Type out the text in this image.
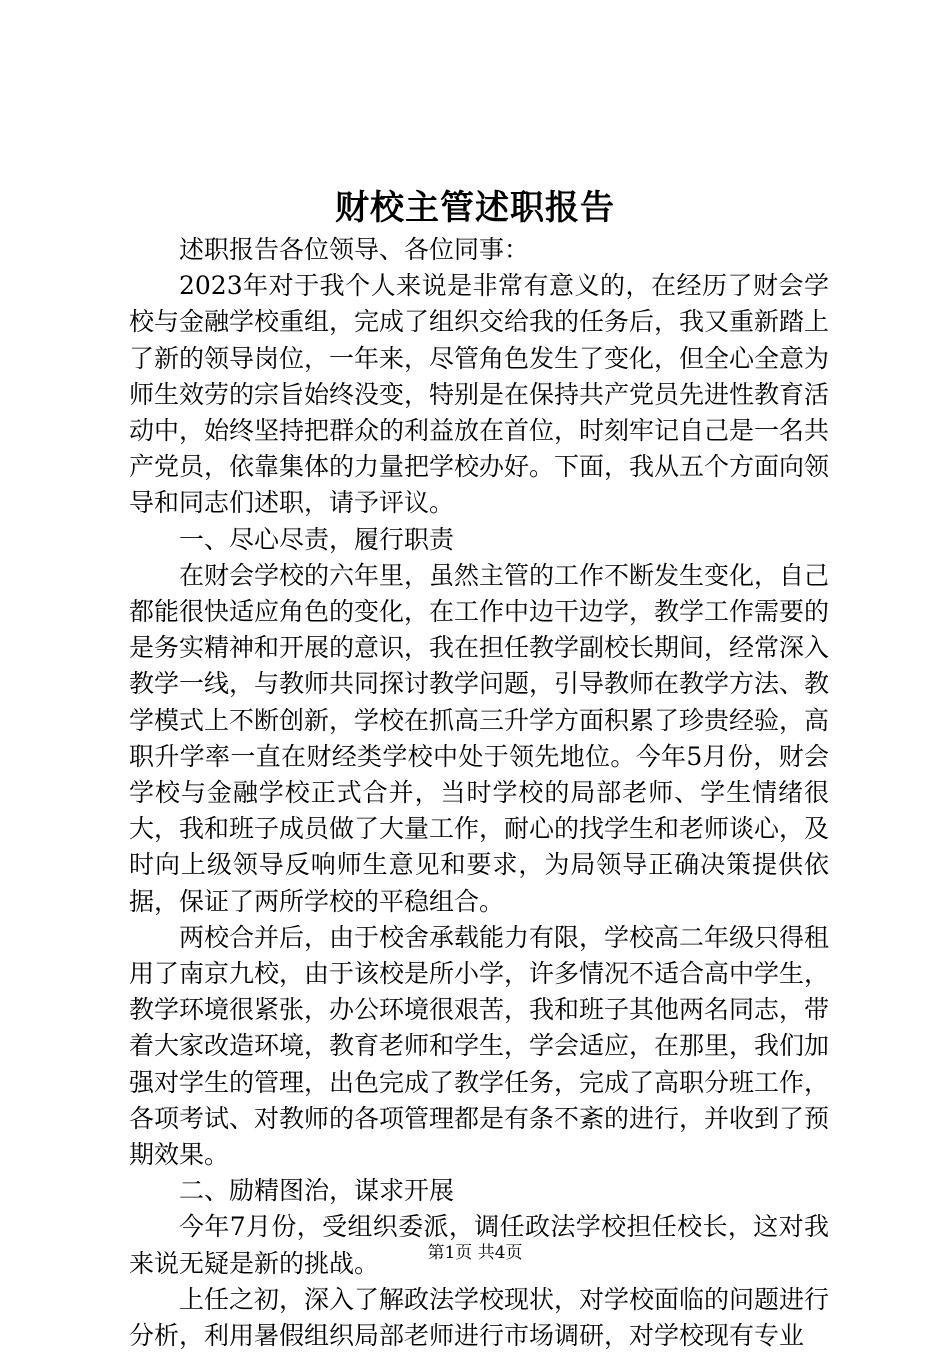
财校主管述职报告

述职报告各位领导、各位同事：

2023年对于我个人来说是非常有意义的，在经历了财会学校与金融学校重组，完成了组织交给我的任务后，我又重新踏上了新的领导岗位，一年来，尽管角色发生了变化，但全心全意为师生效劳的宗旨始终没变，特别是在保持共产党员先进性教育活动中，始终坚持把群众的利益放在首位，时刻牢记自己是一名共产党员，依靠集体的力量把学校办好。下面，我从五个方面向领导和同志们述职，请予评议。

一、尽心尽责，履行职责

在财会学校的六年里，虽然主管的工作不断发生变化，自己都能很快适应角色的变化，在工作中边干边学，教学工作需要的是务实精神和开展的意识，我在担任教学副校长期间，经常深入教学一线，与教师共同探讨教学问题，引导教师在教学方法、教学模式上不断创新，学校在抓高三升学方面积累了珍贵经验，高职升学率一直在财经类学校中处于领先地位。今年5月份，财会学校与金融学校正式合并，当时学校的局部老师、学生情绪很大，我和班子成员做了大量工作，耐心的找学生和老师谈心，及时向上级领导反响师生意见和要求，为局领导正确决策提供依据，保证了两所学校的平稳组合。

两校合并后，由于校舍承载能力有限，学校高二年级只得租用了南京九校，由于该校是所小学，许多情况不适合高中学生，教学环境很紧张，办公环境很艰苦，我和班子其他两名同志，带着大家改造环境，教育老师和学生，学会适应，在那里，我们加强对学生的管理，出色完成了教学任务，完成了高职分班工作，各项考试、对教师的各项管理都是有条不紊的进行，并收到了预期效果。

二、励精图治，谋求开展

今年7月份，受组织委派，调任政法学校担任校长，这对我来说无疑是新的挑战。

上任之初，深入了解政法学校现状，对学校面临的问题进行分析，利用暑假组织局部老师进行市场调研，对学校现有专业

第1页 共4页
